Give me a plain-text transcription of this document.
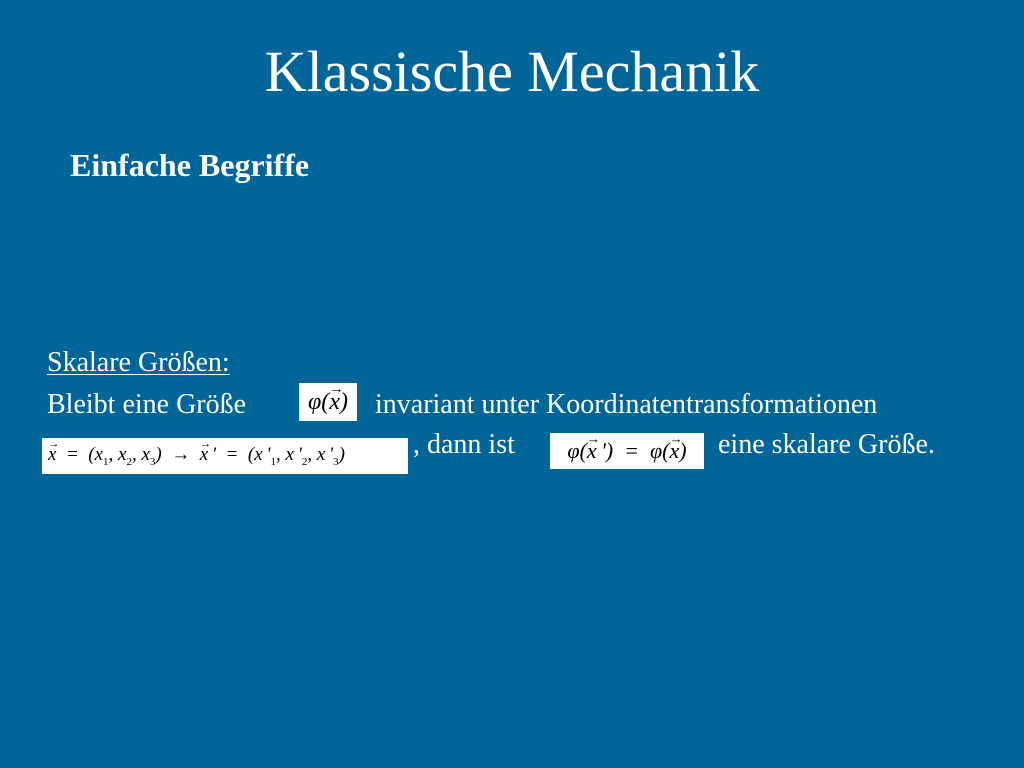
Klassische Mechanik
Einfache Begriffe
Skalare Größen:
Bleibt eine Größe	φ(→ x) invariant unter Koordinatentransformationen
→ $x = (x_1$, $x_2$, $x_3$)  →  → x '  =  (x '$_1$, x '$_2$, x '$_3$) , dann ist φ(→ x ')  =  φ(→ x) eine skalare Größe.
